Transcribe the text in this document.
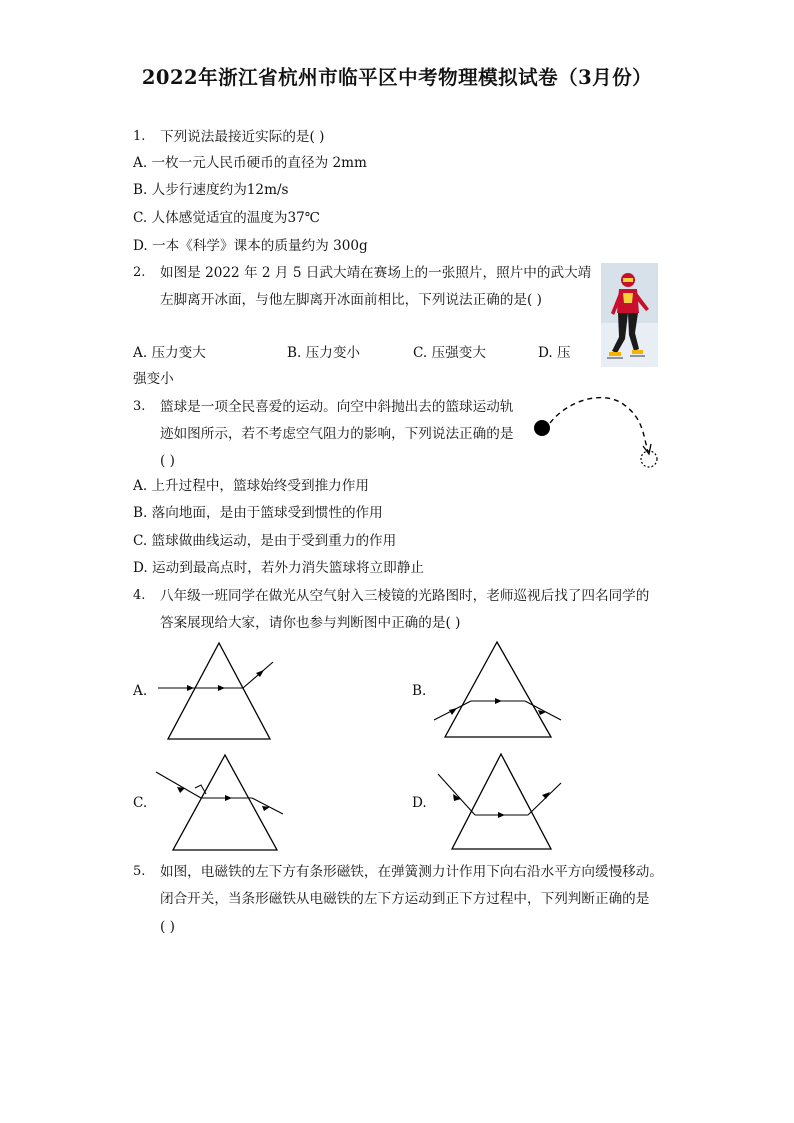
2022年浙江省杭州市临平区中考物理模拟试卷（3月份）
1. 下列说法最接近实际的是( )
A. 一枚一元人民币硬币的直径为 2mm
B. 人步行速度约为12m/s
C. 人体感觉适宜的温度为37℃
D. 一本《科学》课本的质量约为 300g
2. 如图是 2022 年 2 月 5 日武大靖在赛场上的一张照片，照片中的武大靖
左脚离开冰面，与他左脚离开冰面前相比，下列说法正确的是( )
A. 压力变大	B. 压力变小	C. 压强变大	D. 压
强变小
3. 篮球是一项全民喜爱的运动。向空中斜抛出去的篮球运动轨
迹如图所示，若不考虑空气阻力的影响，下列说法正确的是
( )
A. 上升过程中，篮球始终受到推力作用
B. 落向地面，是由于篮球受到惯性的作用
C. 篮球做曲线运动，是由于受到重力的作用
D. 运动到最高点时，若外力消失篮球将立即静止
4. 八年级一班同学在做光从空气射入三棱镜的光路图时，老师巡视后找了四名同学的
答案展现给大家，请你也参与判断图中正确的是( )
A.	B.
C.	D.
5. 如图，电磁铁的左下方有条形磁铁，在弹簧测力计作用下向右沿水平方向缓慢移动。
闭合开关，当条形磁铁从电磁铁的左下方运动到正下方过程中，下列判断正确的是
( )
